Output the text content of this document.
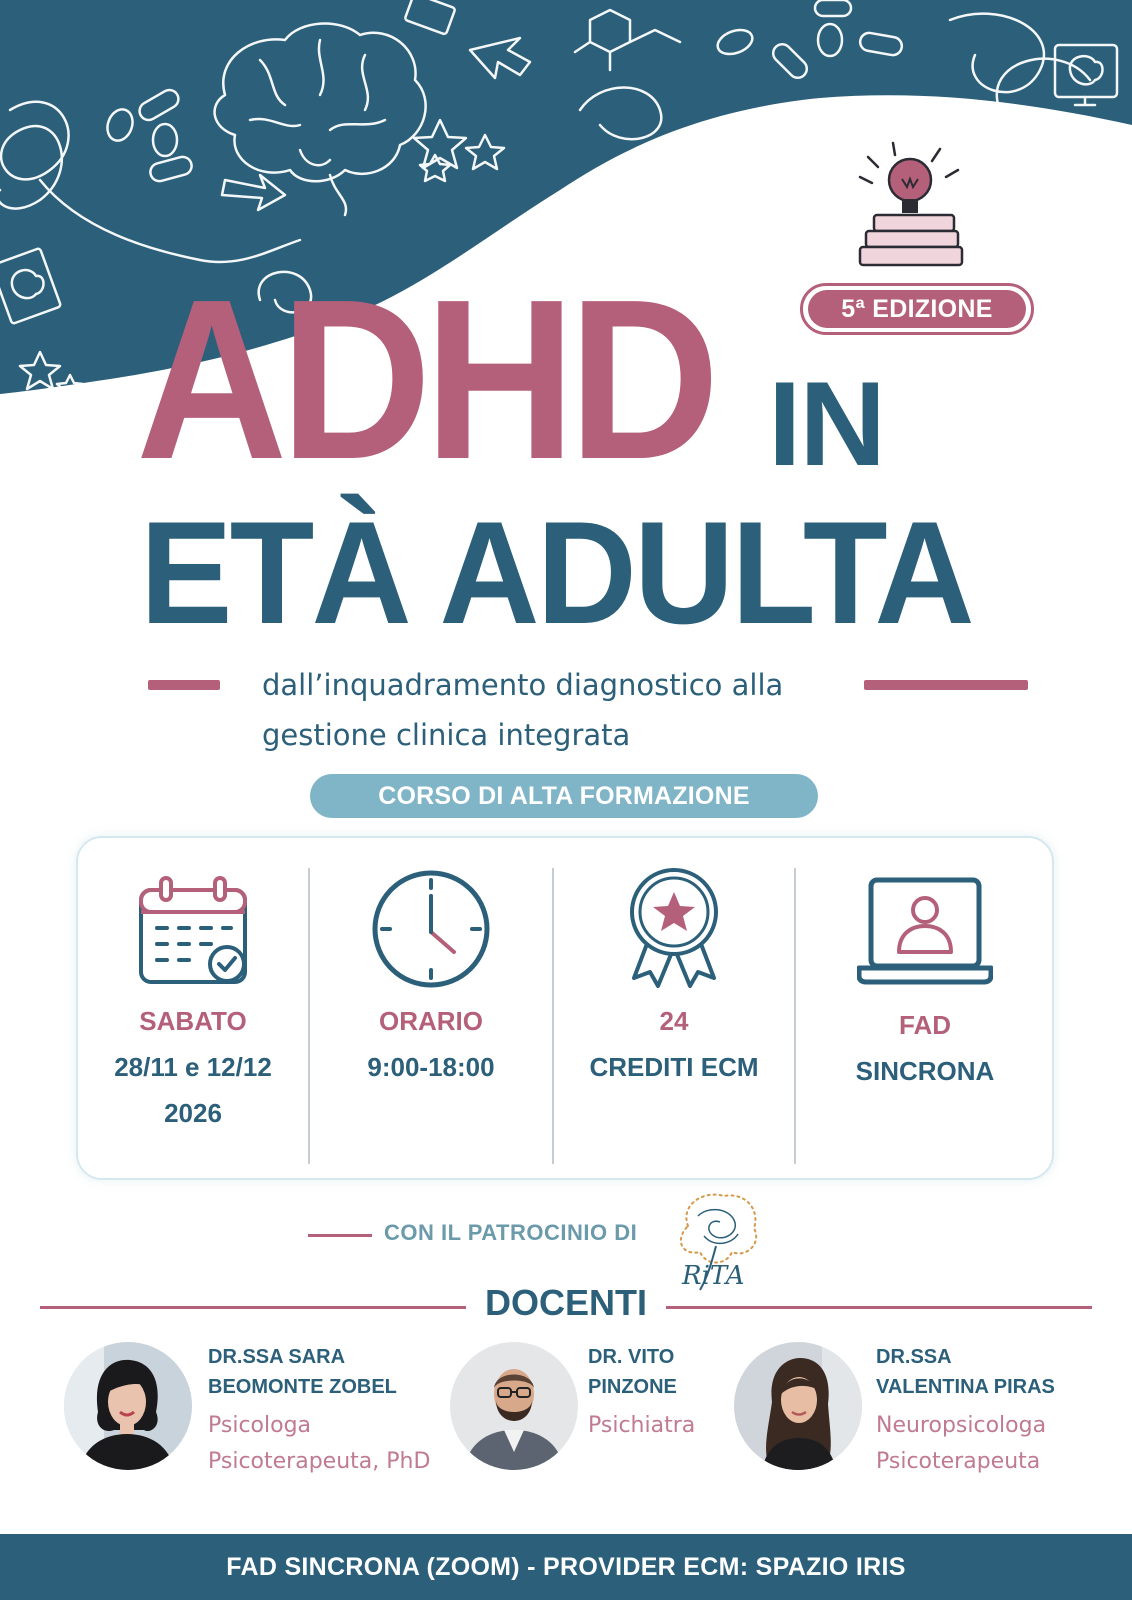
5ª EDIZIONE
ADHD IN
ETÀ ADULTA
dall’inquadramento diagnostico alla
gestione clinica integrata
CORSO DI ALTA FORMAZIONE
SABATO
28/11 e 12/12
2026
ORARIO
9:00-18:00
24
CREDITI ECM
FAD
SINCRONA
CON IL PATROCINIO DI
RiTA
DOCENTI
DR.SSA SARA
BEOMONTE ZOBEL
Psicologa
Psicoterapeuta, PhD
DR. VITO
PINZONE
Psichiatra
DR.SSA
VALENTINA PIRAS
Neuropsicologa
Psicoterapeuta
FAD SINCRONA (ZOOM) - PROVIDER ECM: SPAZIO IRIS
